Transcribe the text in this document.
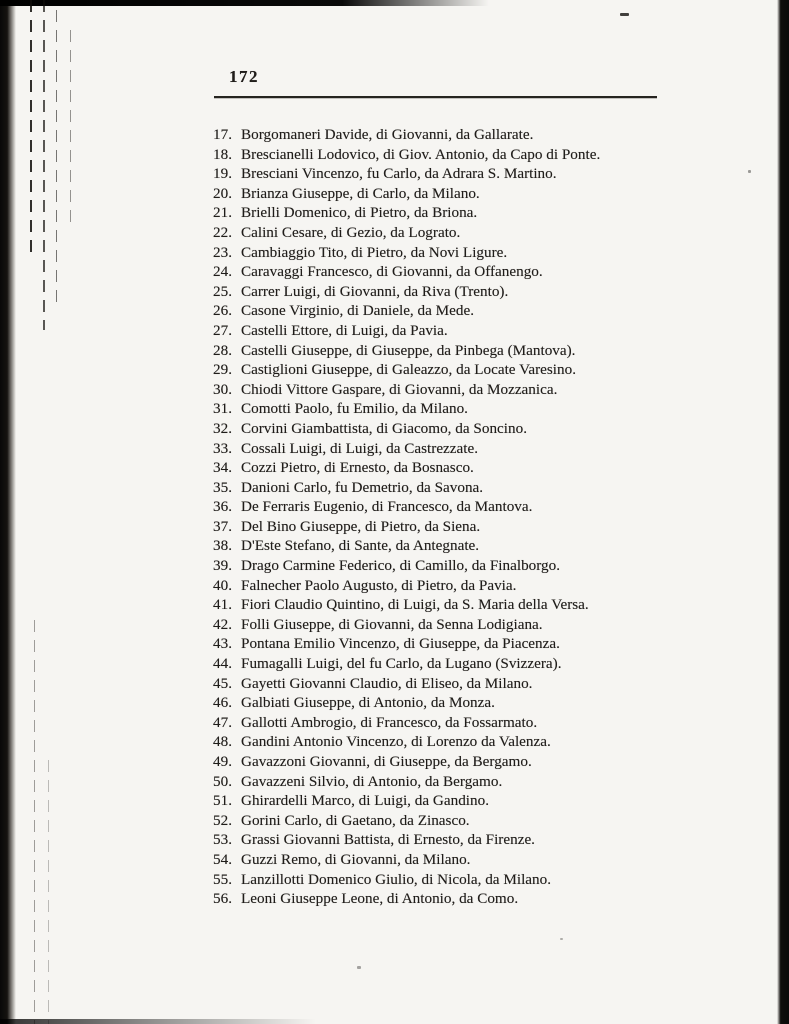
172
17. Borgomaneri Davide, di Giovanni, da Gallarate.
18. Brescianelli Lodovico, di Giov. Antonio, da Capo di Ponte.
19. Bresciani Vincenzo, fu Carlo, da Adrara S. Martino.
20. Brianza Giuseppe, di Carlo, da Milano.
21. Brielli Domenico, di Pietro, da Briona.
22. Calini Cesare, di Gezio, da Lograto.
23. Cambiaggio Tito, di Pietro, da Novi Ligure.
24. Caravaggi Francesco, di Giovanni, da Offanengo.
25. Carrer Luigi, di Giovanni, da Riva (Trento).
26. Casone Virginio, di Daniele, da Mede.
27. Castelli Ettore, di Luigi, da Pavia.
28. Castelli Giuseppe, di Giuseppe, da Pinbega (Mantova).
29. Castiglioni Giuseppe, di Galeazzo, da Locate Varesino.
30. Chiodi Vittore Gaspare, di Giovanni, da Mozzanica.
31. Comotti Paolo, fu Emilio, da Milano.
32. Corvini Giambattista, di Giacomo, da Soncino.
33. Cossali Luigi, di Luigi, da Castrezzate.
34. Cozzi Pietro, di Ernesto, da Bosnasco.
35. Danioni Carlo, fu Demetrio, da Savona.
36. De Ferraris Eugenio, di Francesco, da Mantova.
37. Del Bino Giuseppe, di Pietro, da Siena.
38. D'Este Stefano, di Sante, da Antegnate.
39. Drago Carmine Federico, di Camillo, da Finalborgo.
40. Falnecher Paolo Augusto, di Pietro, da Pavia.
41. Fiori Claudio Quintino, di Luigi, da S. Maria della Versa.
42. Folli Giuseppe, di Giovanni, da Senna Lodigiana.
43. Pontana Emilio Vincenzo, di Giuseppe, da Piacenza.
44. Fumagalli Luigi, del fu Carlo, da Lugano (Svizzera).
45. Gayetti Giovanni Claudio, di Eliseo, da Milano.
46. Galbiati Giuseppe, di Antonio, da Monza.
47. Gallotti Ambrogio, di Francesco, da Fossarmato.
48. Gandini Antonio Vincenzo, di Lorenzo da Valenza.
49. Gavazzoni Giovanni, di Giuseppe, da Bergamo.
50. Gavazzeni Silvio, di Antonio, da Bergamo.
51. Ghirardelli Marco, di Luigi, da Gandino.
52. Gorini Carlo, di Gaetano, da Zinasco.
53. Grassi Giovanni Battista, di Ernesto, da Firenze.
54. Guzzi Remo, di Giovanni, da Milano.
55. Lanzillotti Domenico Giulio, di Nicola, da Milano.
56. Leoni Giuseppe Leone, di Antonio, da Como.
